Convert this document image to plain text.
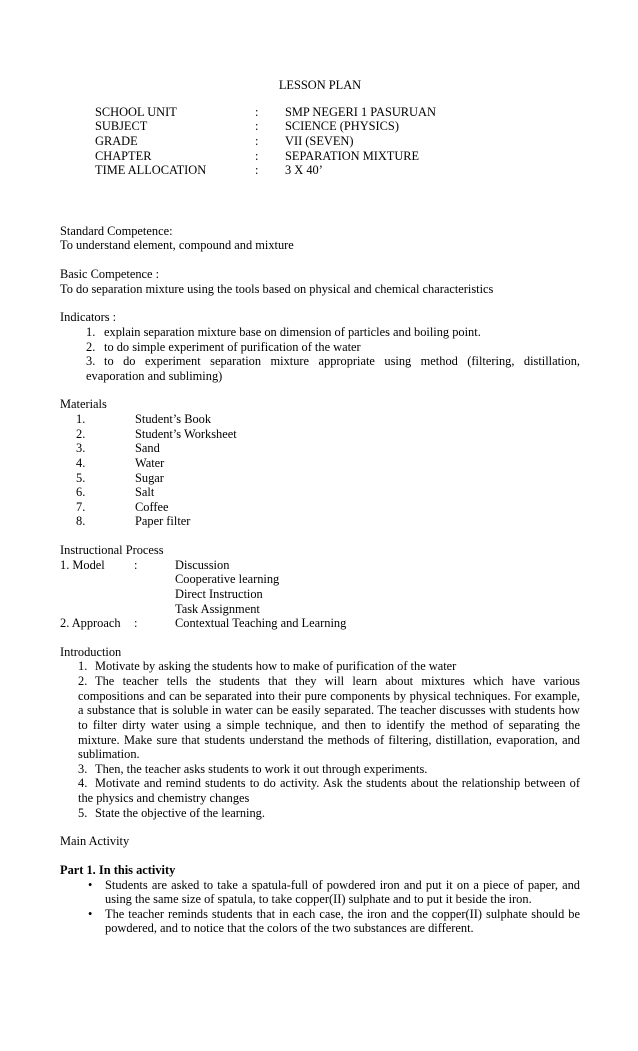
LESSON PLAN
SCHOOL UNIT	:	SMP NEGERI 1 PASURUAN
SUBJECT	:	SCIENCE (PHYSICS)
GRADE	:	VII (SEVEN)
CHAPTER	:	SEPARATION MIXTURE
TIME ALLOCATION	:	3 X 40’
Standard Competence:
To understand element, compound and mixture
Basic Competence :
To do separation mixture using the tools based on physical and chemical characteristics
Indicators :
1. explain separation mixture base on dimension of particles and boiling point.
2. to do simple experiment of purification of the water
3. to do experiment separation mixture appropriate using method (filtering, distillation, evaporation and subliming)
Materials
1.	Student’s Book
2.	Student’s Worksheet
3.	Sand
4.	Water
5.	Sugar
6.	Salt
7.	Coffee
8.	Paper filter
Instructional Process
1. Model	:	Discussion
Cooperative learning
Direct Instruction
Task Assignment
2. Approach	:	Contextual Teaching and Learning
Introduction
1. Motivate by asking the students how to make of purification of the water
2. The teacher tells the students that they will learn about mixtures which have various compositions and can be separated into their pure components by physical techniques. For example, a substance that is soluble in water can be easily separated. The teacher discusses with students how to filter dirty water using a simple technique, and then to identify the method of separating the mixture. Make sure that students understand the methods of filtering, distillation, evaporation, and sublimation.
3. Then, the teacher asks students to work it out through experiments.
4. Motivate and remind students to do activity. Ask the students about the relationship between of the physics and chemistry changes
5. State the objective of the learning.
Main Activity
Part 1. In this activity
•	Students are asked to take a spatula-full of powdered iron and put it on a piece of paper, and using the same size of spatula, to take copper(II) sulphate and to put it beside the iron.
•	The teacher reminds students that in each case, the iron and the copper(II) sulphate should be powdered, and to notice that the colors of the two substances are different.
